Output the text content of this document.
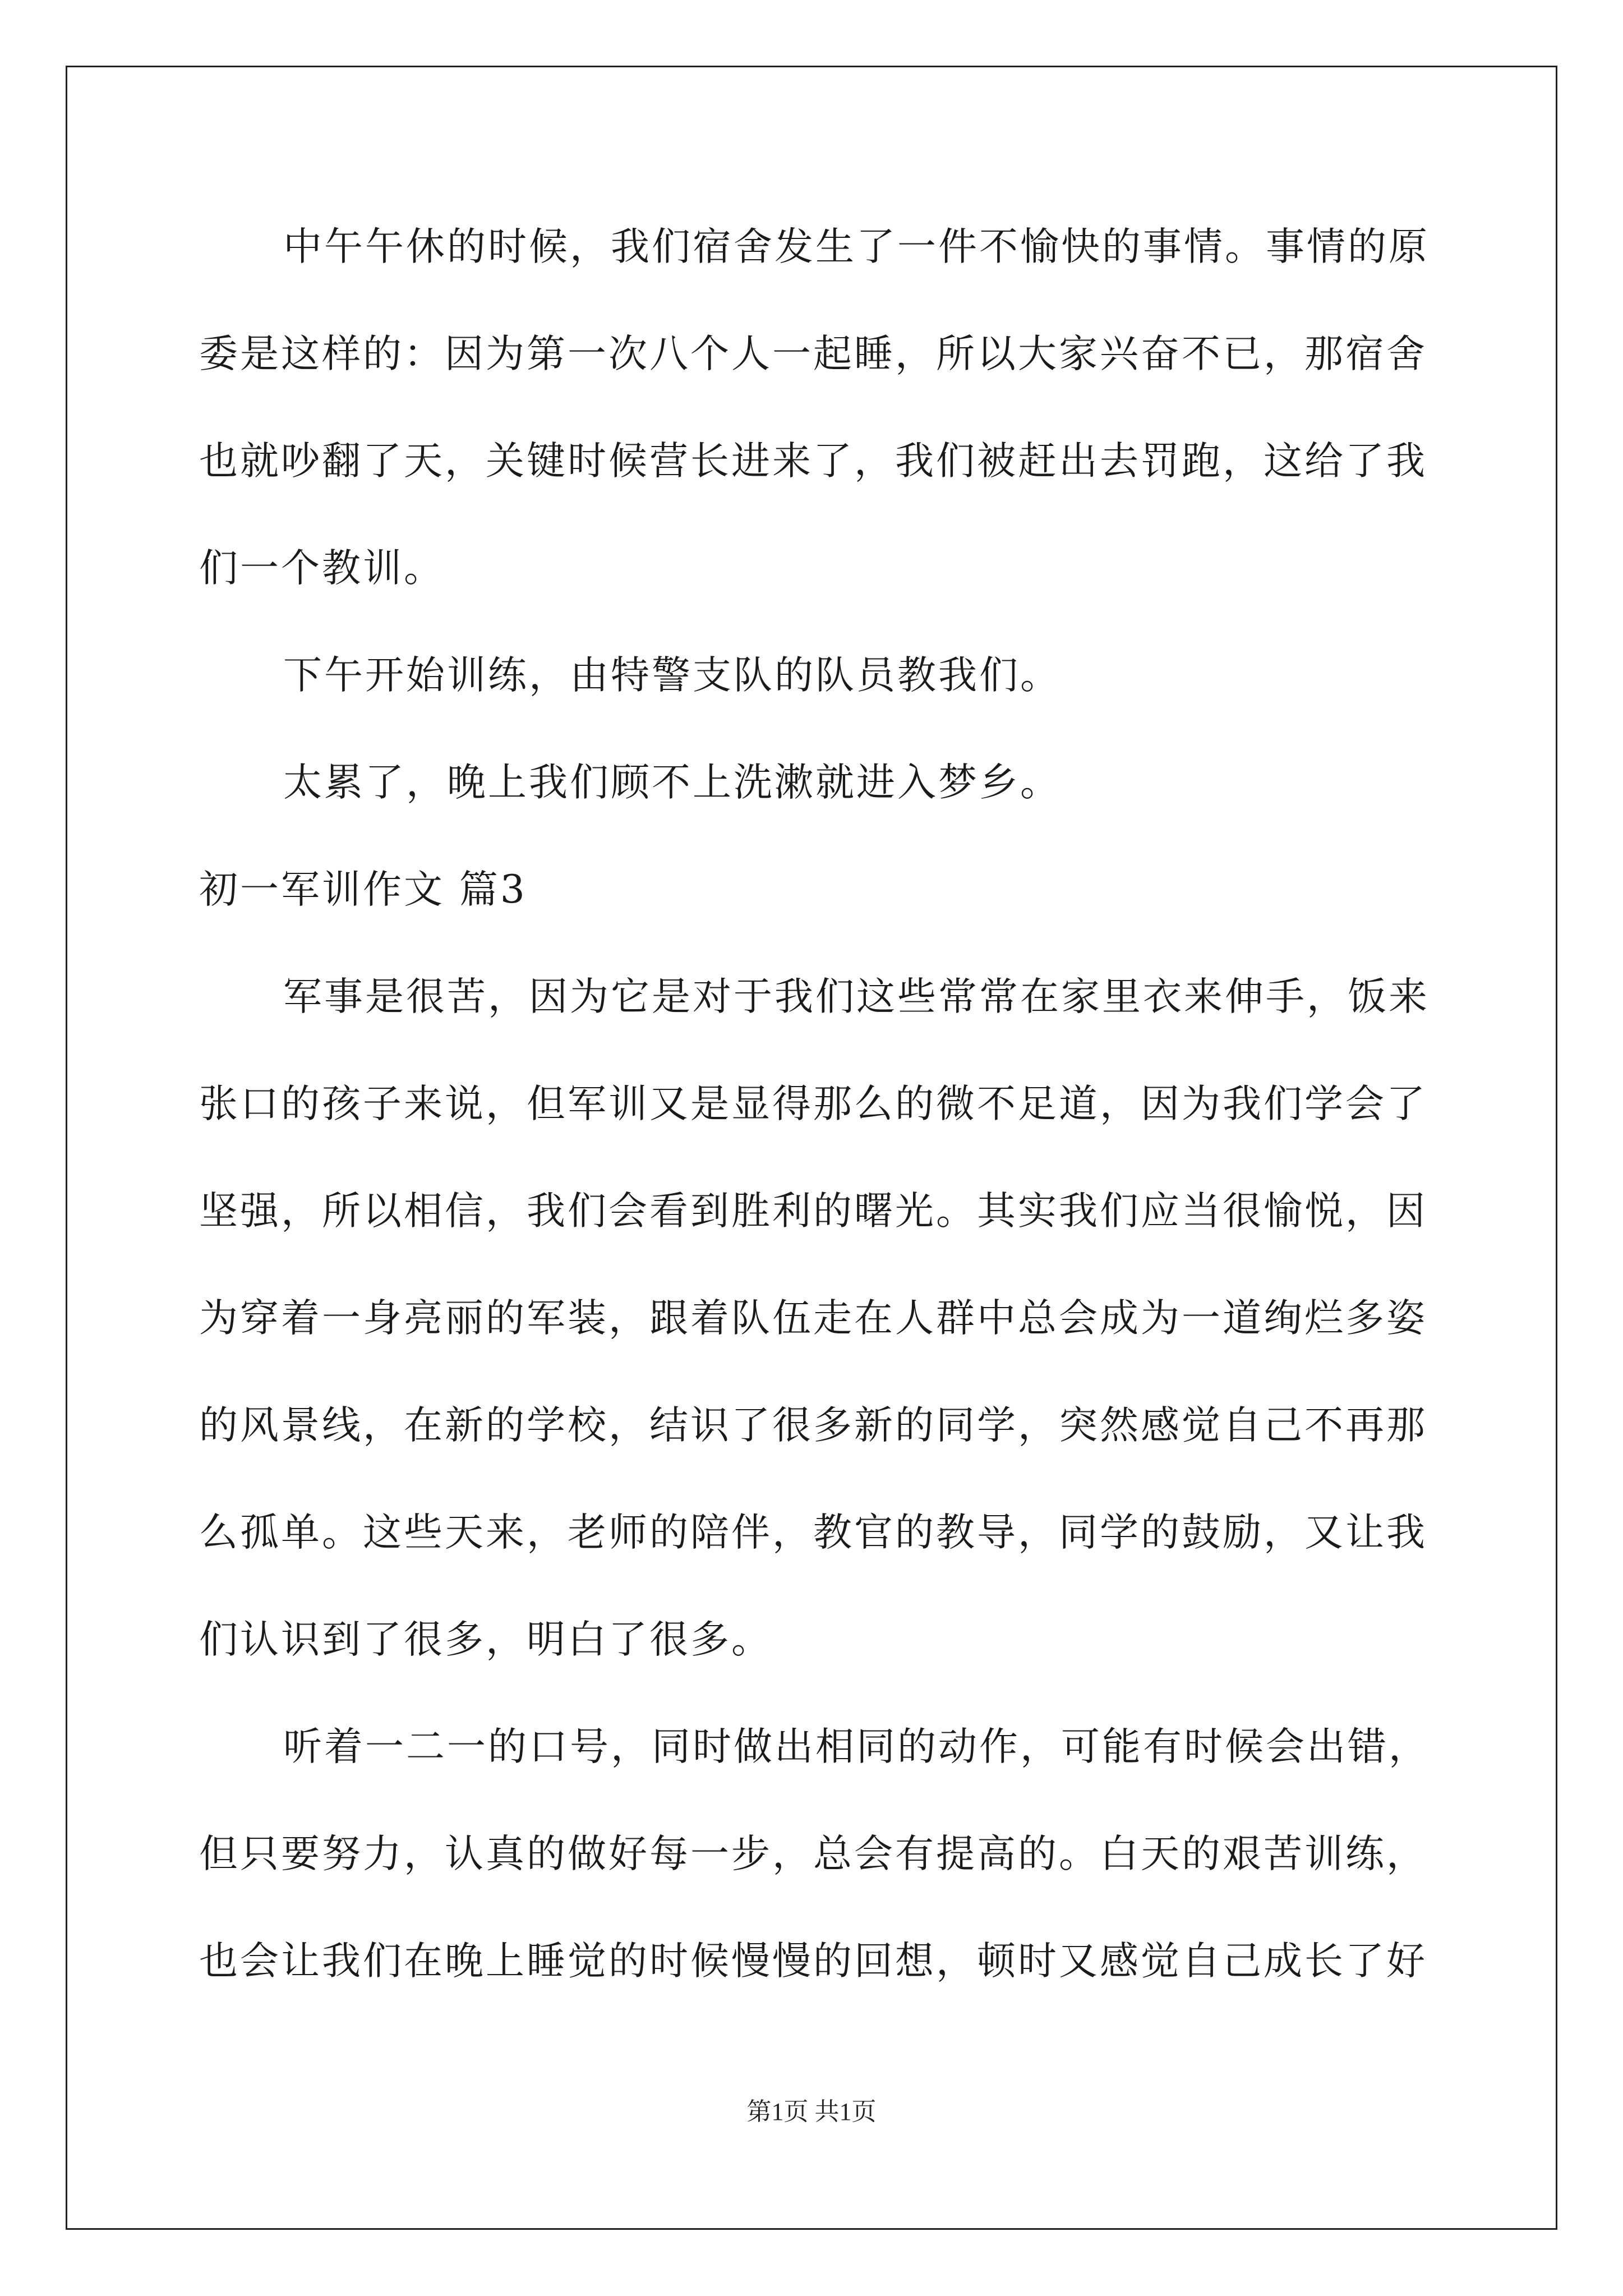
中午午休的时候，我们宿舍发生了一件不愉快的事情。事情的原
委是这样的：因为第一次八个人一起睡，所以大家兴奋不已，那宿舍
也就吵翻了天，关键时候营长进来了，我们被赶出去罚跑，这给了我
们一个教训。
下午开始训练，由特警支队的队员教我们。
太累了，晚上我们顾不上洗漱就进入梦乡。
初一军训作文 篇3
军事是很苦，因为它是对于我们这些常常在家里衣来伸手，饭来
张口的孩子来说，但军训又是显得那么的微不足道，因为我们学会了
坚强，所以相信，我们会看到胜利的曙光。其实我们应当很愉悦，因
为穿着一身亮丽的军装，跟着队伍走在人群中总会成为一道绚烂多姿
的风景线，在新的学校，结识了很多新的同学，突然感觉自己不再那
么孤单。这些天来，老师的陪伴，教官的教导，同学的鼓励，又让我
们认识到了很多，明白了很多。
听着一二一的口号，同时做出相同的动作，可能有时候会出错，
但只要努力，认真的做好每一步，总会有提高的。白天的艰苦训练，
也会让我们在晚上睡觉的时候慢慢的回想，顿时又感觉自己成长了好
第1页 共1页
